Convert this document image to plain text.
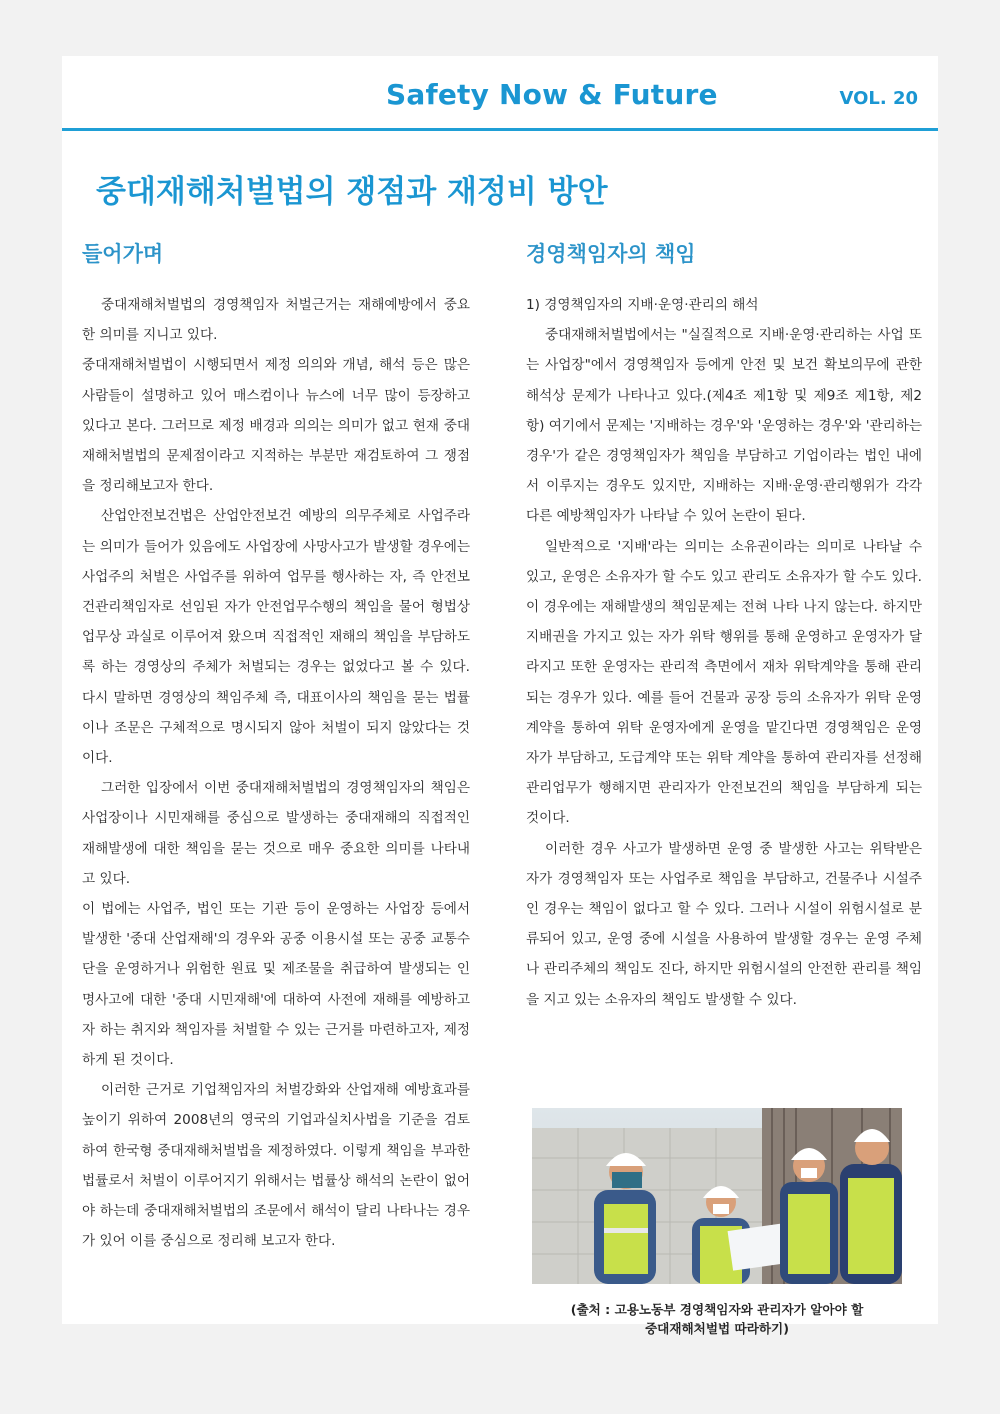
Safety Now & Future	VOL. 20
중대재해처벌법의 쟁점과 재정비 방안
들어가며

중대재해처벌법의 경영책임자 처벌근거는 재해예방에서 중요한 의미를 지니고 있다.

중대재해처벌법이 시행되면서 제정 의의와 개념, 해석 등은 많은 사람들이 설명하고 있어 매스컴이나 뉴스에 너무 많이 등장하고 있다고 본다. 그러므로 제정 배경과 의의는 의미가 없고 현재 중대재해처벌법의 문제점이라고 지적하는 부분만 재검토하여 그 쟁점을 정리해보고자 한다.

산업안전보건법은 산업안전보건 예방의 의무주체로 사업주라는 의미가 들어가 있음에도 사업장에 사망사고가 발생할 경우에는 사업주의 처벌은 사업주를 위하여 업무를 행사하는 자, 즉 안전보건관리책임자로 선임된 자가 안전업무수행의 책임을 물어 형법상 업무상 과실로 이루어져 왔으며 직접적인 재해의 책임을 부담하도록 하는 경영상의 주체가 처벌되는 경우는 없었다고 볼 수 있다. 다시 말하면 경영상의 책임주체 즉, 대표이사의 책임을 묻는 법률이나 조문은 구체적으로 명시되지 않아 처벌이 되지 않았다는 것이다.

그러한 입장에서 이번 중대재해처벌법의 경영책임자의 책임은 사업장이나 시민재해를 중심으로 발생하는 중대재해의 직접적인 재해발생에 대한 책임을 묻는 것으로 매우 중요한 의미를 나타내고 있다.

이 법에는 사업주, 법인 또는 기관 등이 운영하는 사업장 등에서 발생한 '중대 산업재해'의 경우와 공중 이용시설 또는 공중 교통수단을 운영하거나 위험한 원료 및 제조물을 취급하여 발생되는 인명사고에 대한 '중대 시민재해'에 대하여 사전에 재해를 예방하고자 하는 취지와 책임자를 처벌할 수 있는 근거를 마련하고자, 제정하게 된 것이다.

이러한 근거로 기업책임자의 처벌강화와 산업재해 예방효과를 높이기 위하여 2008년의 영국의 기업과실치사법을 기준을 검토하여 한국형 중대재해처벌법을 제정하였다. 이렇게 책임을 부과한 법률로서 처벌이 이루어지기 위해서는 법률상 해석의 논란이 없어야 하는데 중대재해처벌법의 조문에서 해석이 달리 나타나는 경우가 있어 이를 중심으로 정리해 보고자 한다.

경영책임자의 책임

1) 경영책임자의 지배·운영·관리의 해석

중대재해처벌법에서는 "실질적으로 지배·운영·관리하는 사업 또는 사업장"에서 경영책임자 등에게 안전 및 보건 확보의무에 관한 해석상 문제가 나타나고 있다.(제4조 제1항 및 제9조 제1항, 제2항) 여기에서 문제는 '지배하는 경우'와 '운영하는 경우'와 '관리하는 경우'가 같은 경영책임자가 책임을 부담하고 기업이라는 법인 내에서 이루지는 경우도 있지만, 지배하는 지배·운영·관리행위가 각각 다른 예방책임자가 나타날 수 있어 논란이 된다.

일반적으로 '지배'라는 의미는 소유권이라는 의미로 나타날 수 있고, 운영은 소유자가 할 수도 있고 관리도 소유자가 할 수도 있다. 이 경우에는 재해발생의 책임문제는 전혀 나타 나지 않는다. 하지만 지배권을 가지고 있는 자가 위탁 행위를 통해 운영하고 운영자가 달라지고 또한 운영자는 관리적 측면에서 재차 위탁계약을 통해 관리되는 경우가 있다. 예를 들어 건물과 공장 등의 소유자가 위탁 운영 계약을 통하여 위탁 운영자에게 운영을 맡긴다면 경영책임은 운영자가 부담하고, 도급계약 또는 위탁 계약을 통하여 관리자를 선정해 관리업무가 행해지면 관리자가 안전보건의 책임을 부담하게 되는 것이다.

이러한 경우 사고가 발생하면 운영 중 발생한 사고는 위탁받은 자가 경영책임자 또는 사업주로 책임을 부담하고, 건물주나 시설주인 경우는 책임이 없다고 할 수 있다. 그러나 시설이 위험시설로 분류되어 있고, 운영 중에 시설을 사용하여 발생할 경우는 운영 주체나 관리주체의 책임도 진다, 하지만 위험시설의 안전한 관리를 책임을 지고 있는 소유자의 책임도 발생할 수 있다.

(출처 : 고용노동부 경영책임자와 관리자가 알아야 할
중대재해처벌법 따라하기)
